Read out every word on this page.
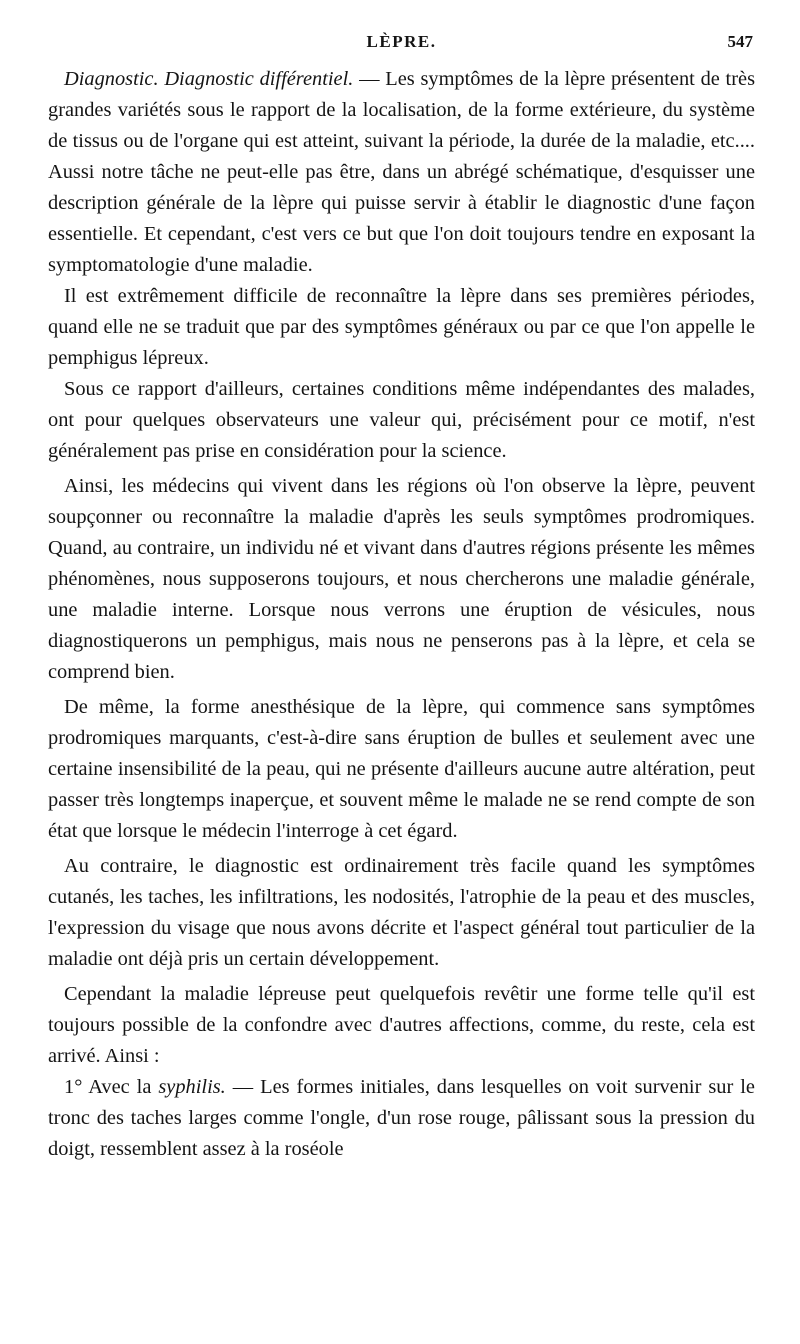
LÈPRE.	547

Diagnostic. Diagnostic différentiel. — Les symptômes de la lèpre présentent de très grandes variétés sous le rapport de la localisation, de la forme extérieure, du système de tissus ou de l'organe qui est atteint, suivant la période, la durée de la maladie, etc.... Aussi notre tâche ne peut-elle pas être, dans un abrégé schématique, d'esquisser une description générale de la lèpre qui puisse servir à établir le diagnostic d'une façon essentielle. Et cependant, c'est vers ce but que l'on doit toujours tendre en exposant la symptomatologie d'une maladie.

Il est extrêmement difficile de reconnaître la lèpre dans ses premières périodes, quand elle ne se traduit que par des symptômes généraux ou par ce que l'on appelle le pemphigus lépreux.

Sous ce rapport d'ailleurs, certaines conditions même indépendantes des malades, ont pour quelques observateurs une valeur qui, précisément pour ce motif, n'est généralement pas prise en considération pour la science.

Ainsi, les médecins qui vivent dans les régions où l'on observe la lèpre, peuvent soupçonner ou reconnaître la maladie d'après les seuls symptômes prodromiques. Quand, au contraire, un individu né et vivant dans d'autres régions présente les mêmes phénomènes, nous supposerons toujours, et nous chercherons une maladie générale, une maladie interne. Lorsque nous verrons une éruption de vésicules, nous diagnostiquerons un pemphigus, mais nous ne penserons pas à la lèpre, et cela se comprend bien.

De même, la forme anesthésique de la lèpre, qui commence sans symptômes prodromiques marquants, c'est-à-dire sans éruption de bulles et seulement avec une certaine insensibilité de la peau, qui ne présente d'ailleurs aucune autre altération, peut passer très longtemps inaperçue, et souvent même le malade ne se rend compte de son état que lorsque le médecin l'interroge à cet égard.

Au contraire, le diagnostic est ordinairement très facile quand les symptômes cutanés, les taches, les infiltrations, les nodosités, l'atrophie de la peau et des muscles, l'expression du visage que nous avons décrite et l'aspect général tout particulier de la maladie ont déjà pris un certain développement.

Cependant la maladie lépreuse peut quelquefois revêtir une forme telle qu'il est toujours possible de la confondre avec d'autres affections, comme, du reste, cela est arrivé. Ainsi :

1° Avec la syphilis. — Les formes initiales, dans lesquelles on voit survenir sur le tronc des taches larges comme l'ongle, d'un rose rouge, pâlissant sous la pression du doigt, ressemblent assez à la roséole
